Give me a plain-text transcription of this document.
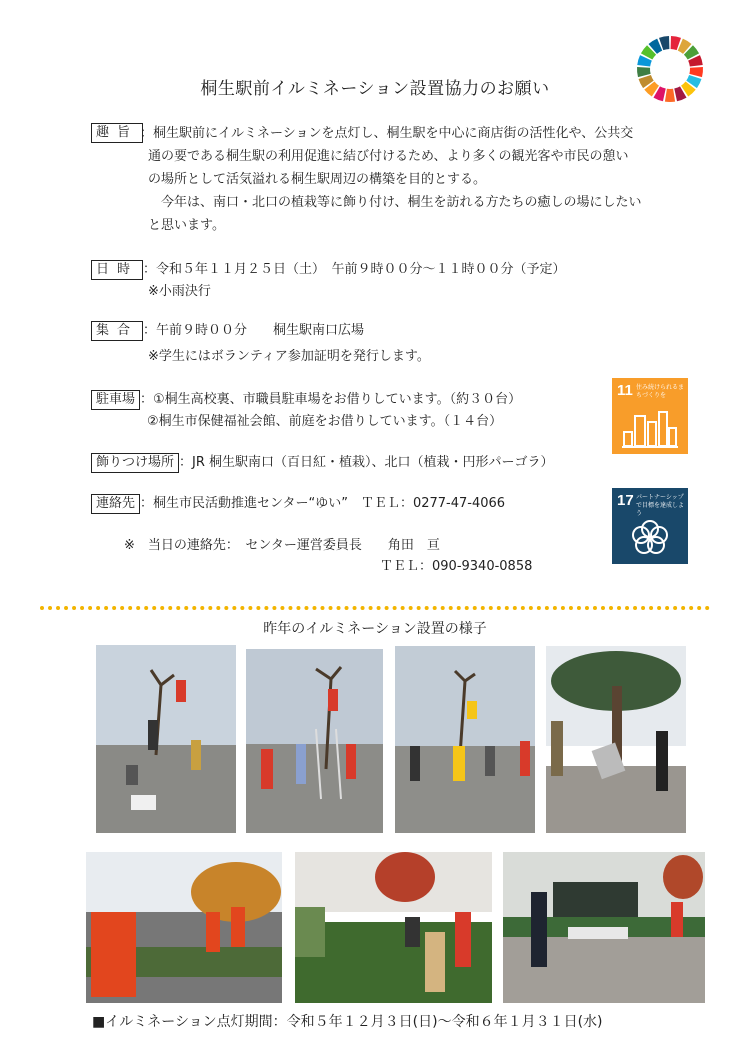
桐生駅前イルミネーション設置協力のお願い
趣旨 ：桐生駅前にイルミネーションを点灯し、桐生駅を中心に商店街の活性化や、公共交
通の要である桐生駅の利用促進に結び付けるため、より多くの観光客や市民の憩い
の場所として活気溢れる桐生駅周辺の構築を目的とする。
　今年は、南口・北口の植栽等に飾り付け、桐生を訪れる方たちの癒しの場にしたい
と思います。
日時 ：令和５年１１月２５日（土）　午前９時００分～１１時００分（予定）
※小雨決行
集合 ：午前９時００分　　桐生駅南口広場
※学生にはボランティア参加証明を発行します。
駐車場 ：①桐生高校裏、市職員駐車場をお借りしています。（約３０台）
②桐生市保健福祉会館、前庭をお借りしています。（１４台）
飾りつけ場所 ：JR 桐生駅南口（百日紅・植栽）、北口（植栽・円形パーゴラ）
連絡先 ：桐生市民活動推進センター“ゆい”　ＴＥＬ：0277-47-4066
※　当日の連絡先：　センター運営委員長　　角田　亘
ＴＥＬ：090-9340-0858
11 住み続けられるまちづくりを
17 パートナーシップで目標を達成しよう
昨年のイルミネーション設置の様子
■イルミネーション点灯期間：令和５年１２月３日(日)～令和６年１月３１日(水)
